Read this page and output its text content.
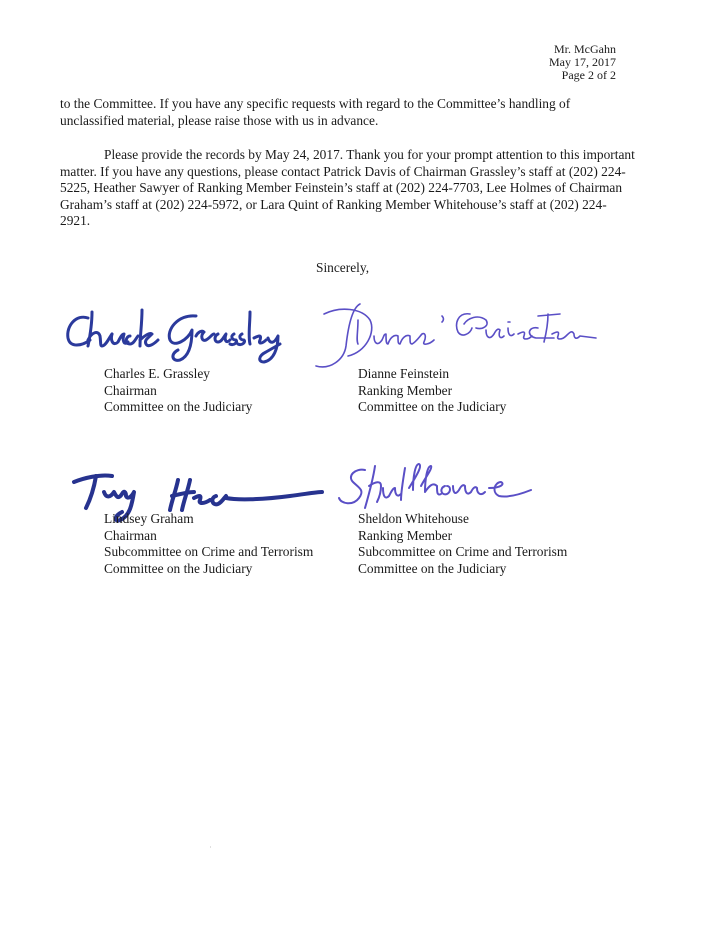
Mr. McGahn
May 17, 2017
Page 2 of 2

to the Committee. If you have any specific requests with regard to the Committee’s handling of unclassified material, please raise those with us in advance.

Please provide the records by May 24, 2017. Thank you for your prompt attention to this important matter. If you have any questions, please contact Patrick Davis of Chairman Grassley’s staff at (202) 224-5225, Heather Sawyer of Ranking Member Feinstein’s staff at (202) 224-7703, Lee Holmes of Chairman Graham’s staff at (202) 224-5972, or Lara Quint of Ranking Member Whitehouse’s staff at (202) 224-2921.

Sincerely,
Charles E. Grassley
Chairman
Committee on the Judiciary
Dianne Feinstein
Ranking Member
Committee on the Judiciary
Lindsey Graham
Chairman
Subcommittee on Crime and Terrorism
Committee on the Judiciary
Sheldon Whitehouse
Ranking Member
Subcommittee on Crime and Terrorism
Committee on the Judiciary
